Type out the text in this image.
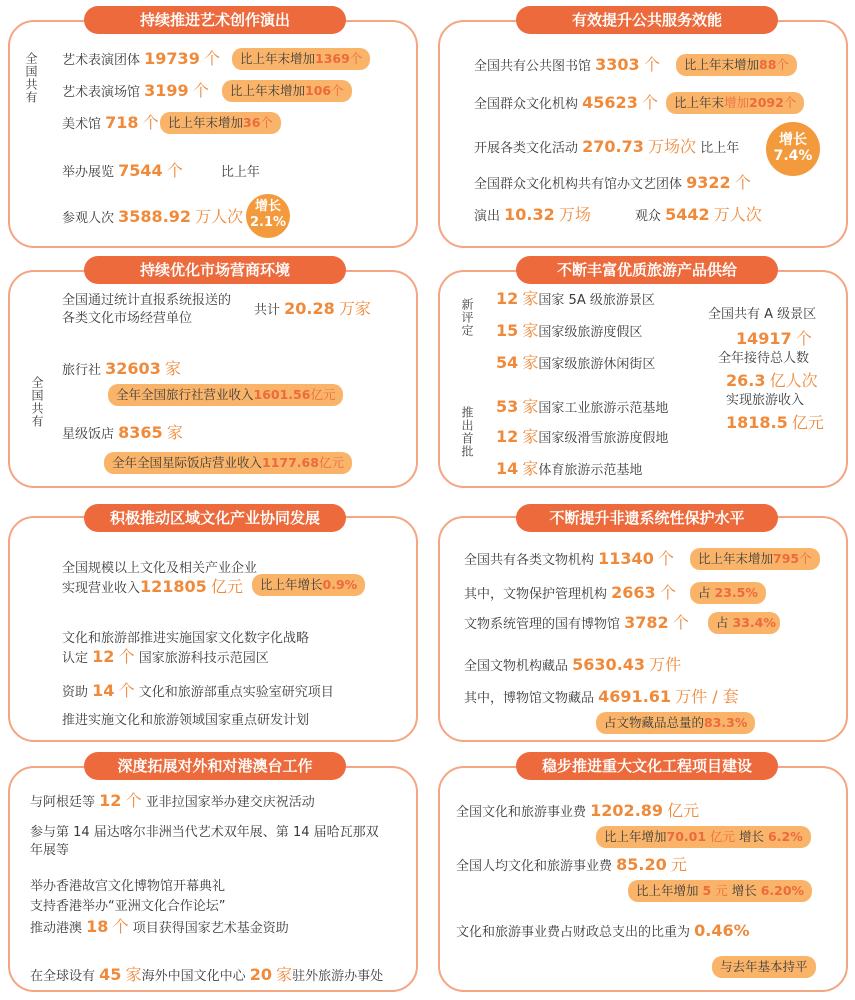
持续推进艺术创作演出
全国共有 艺术表演团体 19739 个	比上年末增加1369个
艺术表演场馆 3199 个	比上年末增加106个
美术馆 718 个 比上年末增加36个
举办展览 7544 个	比上年
参观人次 3588.92 万人次
增长
2.1%
有效提升公共服务效能
全国共有公共图书馆 3303 个	比上年末增加88个
全国群众文化机构 45623 个	比上年末增加2092个
开展各类文化活动 270.73 万场次 比上年
增长
7.4%
全国群众文化机构共有馆办文艺团体 9322 个
演出 10.32 万场	观众 5442 万人次
持续优化市场营商环境
全国通过统计直报系统报送的
各类文化市场经营单位
共计 20.28 万家
全国共有
旅行社 32603 家
全年全国旅行社营业收入1601.56亿元
星级饭店 8365 家
全年全国星际饭店营业收入1177.68亿元
不断丰富优质旅游产品供给
新评定
推出首批
12 家国家 5A 级旅游景区
15 家国家级旅游度假区
54 家国家级旅游休闲街区
53 家国家工业旅游示范基地
12 家国家级滑雪旅游度假地
14 家体育旅游示范基地
全国共有 A 级景区
14917 个
全年接待总人数
26.3 亿人次
实现旅游收入
1818.5 亿元
积极推动区域文化产业协同发展
全国规模以上文化及相关产业企业
实现营业收入121805 亿元	比上年增长0.9%
文化和旅游部推进实施国家文化数字化战略
认定 12 个 国家旅游科技示范园区
资助 14 个 文化和旅游部重点实验室研究项目
推进实施文化和旅游领域国家重点研发计划
不断提升非遗系统性保护水平
全国共有各类文物机构 11340 个	比上年末增加795个
其中，文物保护管理机构 2663 个	占 23.5%
文物系统管理的国有博物馆 3782 个	占 33.4%
全国文物机构藏品 5630.43 万件
其中，博物馆文物藏品 4691.61 万件 / 套
占文物藏品总量的83.3%
深度拓展对外和对港澳台工作
与阿根廷等 12 个 亚非拉国家举办建交庆祝活动
参与第 14 届达喀尔非洲当代艺术双年展、第 14 届哈瓦那双
年展等
举办香港故宫文化博物馆开幕典礼
支持香港举办“亚洲文化合作论坛”
推动港澳 18 个 项目获得国家艺术基金资助
在全球设有 45 家海外中国文化中心 20 家驻外旅游办事处
稳步推进重大文化工程项目建设
全国文化和旅游事业费 1202.89 亿元
比上年增加70.01 亿元 增长 6.2%
全国人均文化和旅游事业费 85.20 元
比上年增加 5 元 增长 6.20%
文化和旅游事业费占财政总支出的比重为 0.46%
与去年基本持平
